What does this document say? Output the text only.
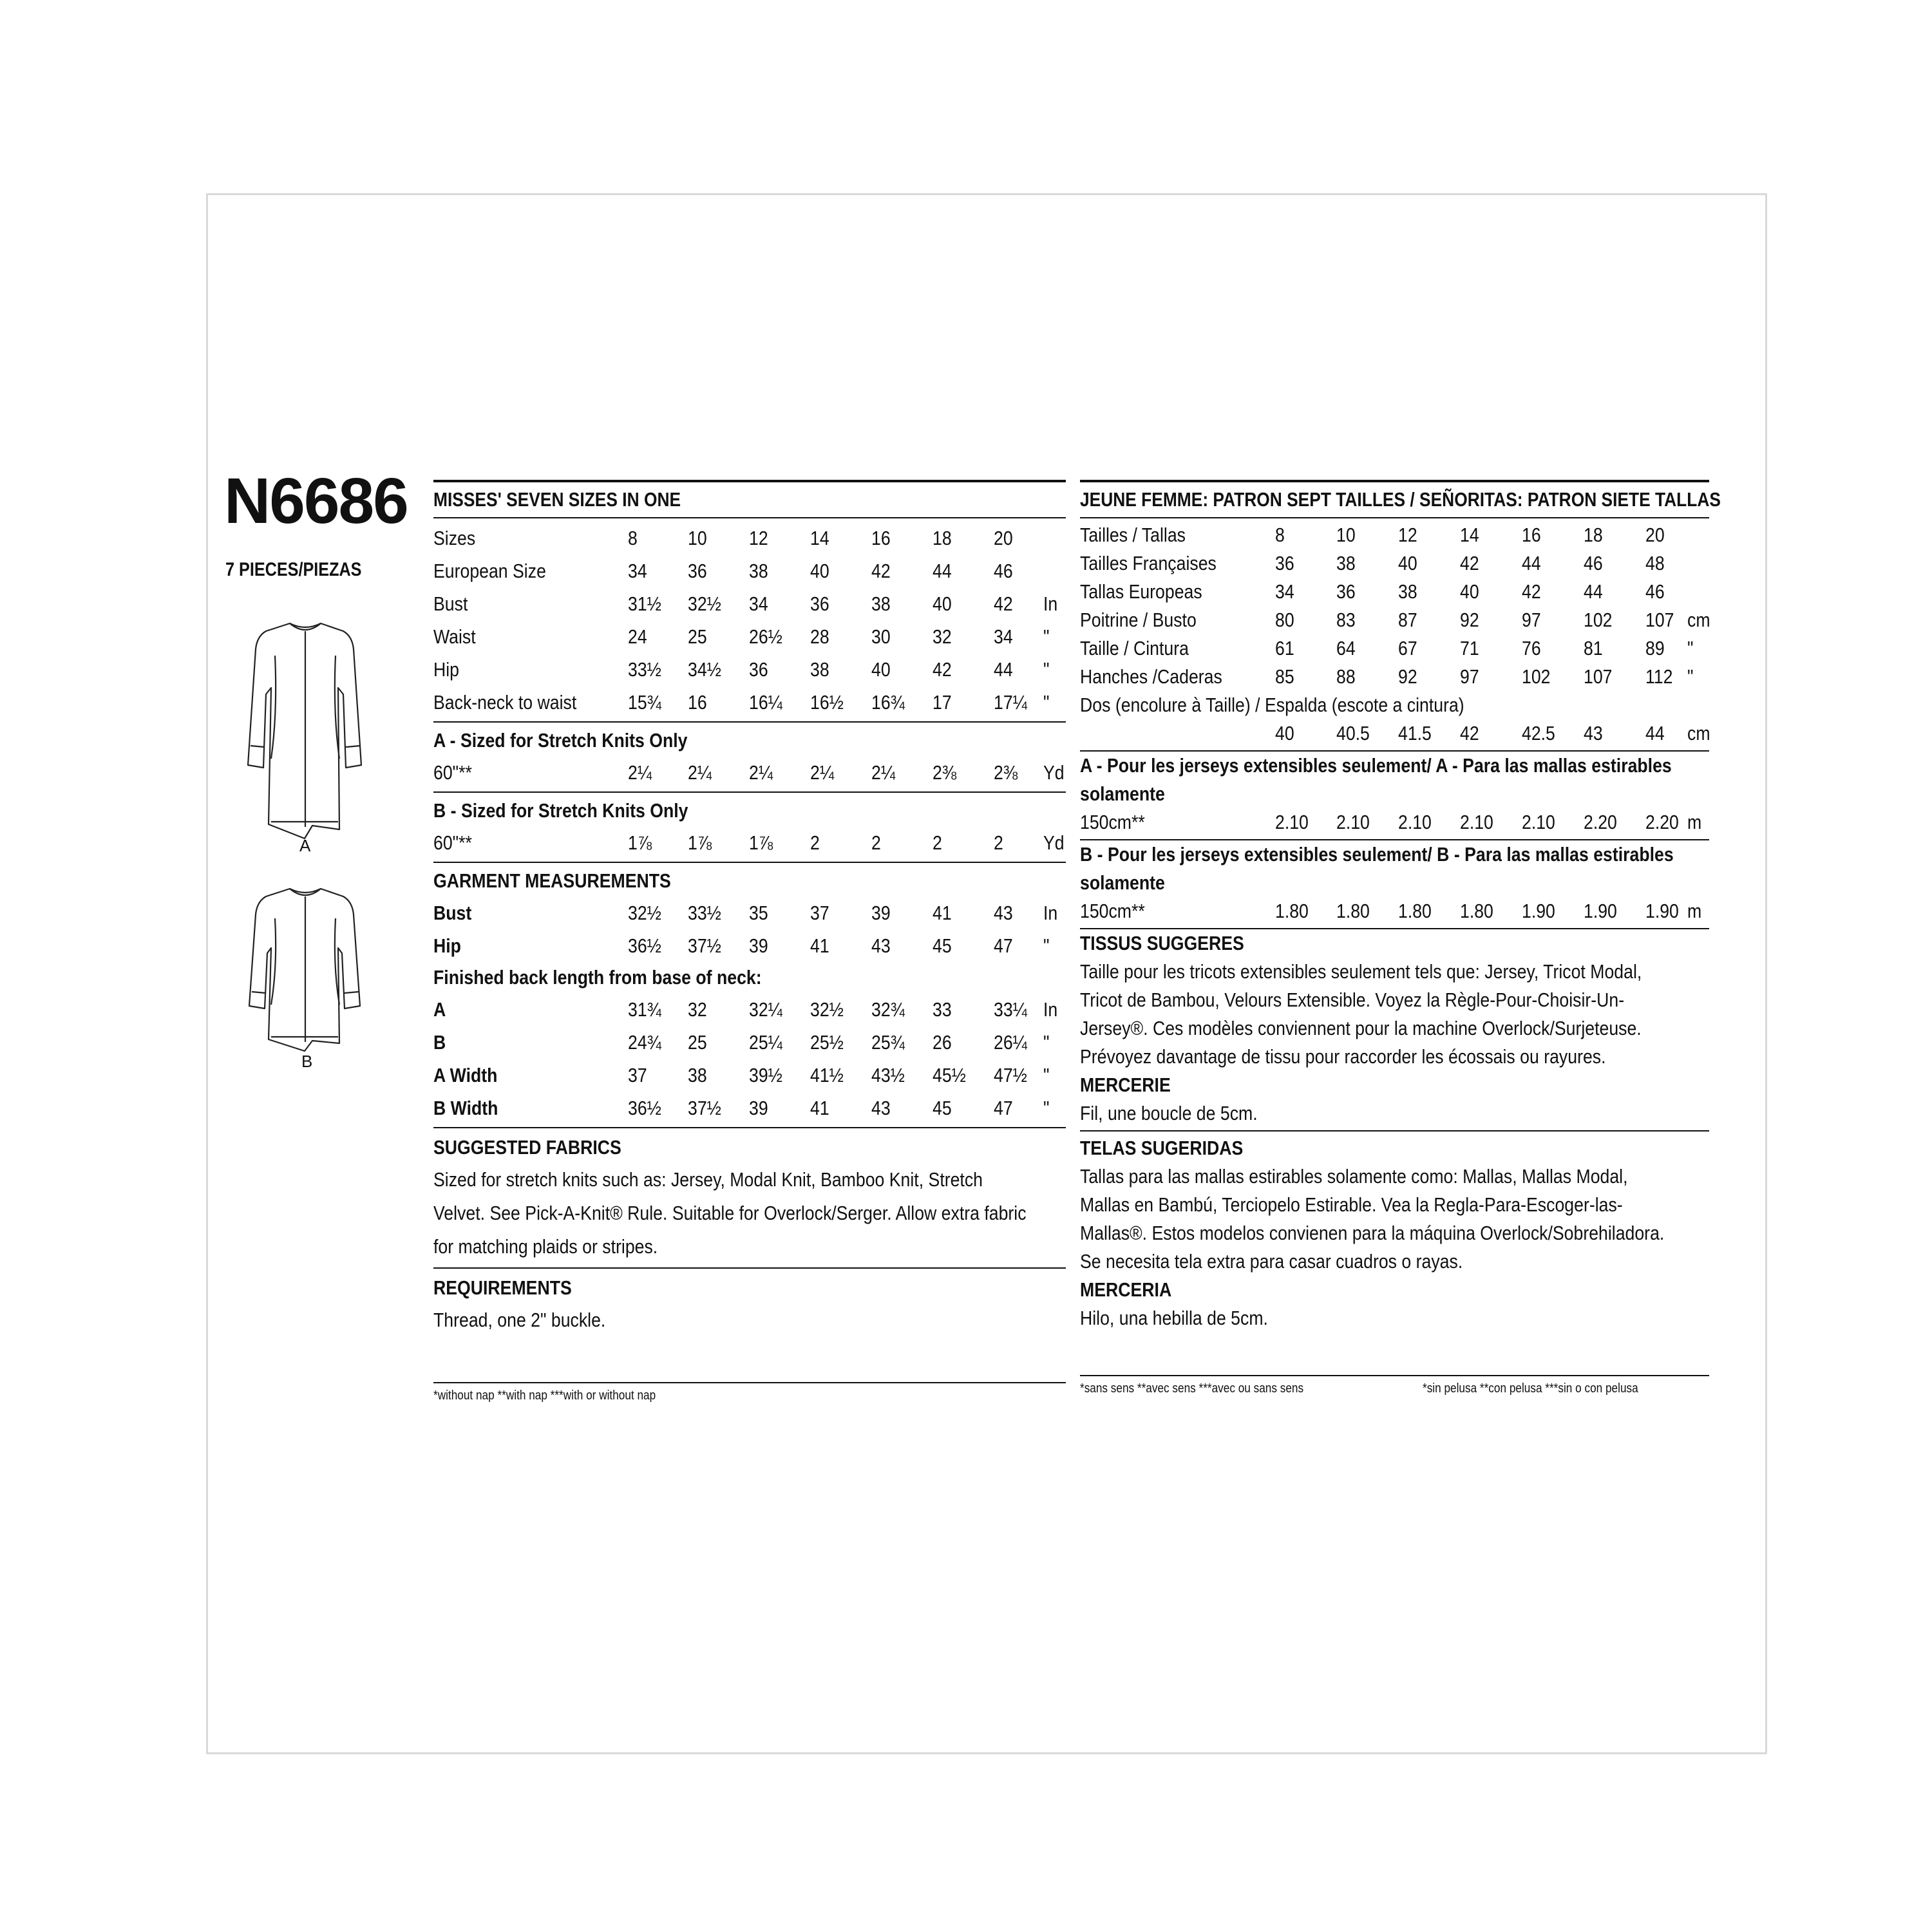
N6686
7 PIECES/PIEZAS
A
B
MISSES' SEVEN SIZES IN ONE
Sizes	8	10 12 14 16 18 20
European Size	34 36 38 40 42 44 46
Bust	31½ 32½ 34 36 38 40 42 In
Waist	24 25 26½ 28 30 32 34 "
Hip	33½ 34½ 36 38 40 42 44 "
Back-neck to waist	15¾ 16 16¼ 16½ 16¾ 17 17¼ "
A - Sized for Stretch Knits Only
60"**	2¼ 2¼ 2¼ 2¼ 2¼ 2⅜ 2⅜ Yd
B - Sized for Stretch Knits Only
60"**	1⅞ 1⅞ 1⅞ 2	2	2	2 Yd
GARMENT MEASUREMENTS
Bust	32½ 33½ 35 37 39 41 43 In
Hip	36½ 37½ 39 41 43 45 47 "
Finished back length from base of neck:
A	31¾ 32 32¼ 32½ 32¾ 33 33¼ In
B	24¾ 25 25¼ 25½ 25¾ 26 26¼ "
A Width	37 38 39½ 41½ 43½ 45½ 47½ "
B Width	36½ 37½ 39 41 43 45 47 "
SUGGESTED FABRICS
Sized for stretch knits such as: Jersey, Modal Knit, Bamboo Knit, Stretch
Velvet. See Pick-A-Knit® Rule. Suitable for Overlock/Serger. Allow extra fabric
for matching plaids or stripes.
REQUIREMENTS
Thread, one 2" buckle.
*without nap **with nap ***with or without nap
JEUNE FEMME: PATRON SEPT TAILLES / SEÑORITAS: PATRON SIETE TALLAS
Tailles / Tallas	8	10 12 14 16 18 20
Tailles Françaises	36 38 40 42 44 46 48
Tallas Europeas	34 36 38 40 42 44 46
Poitrine / Busto	80 83 87 92 97 102 107 cm
Taille / Cintura	61 64 67 71 76 81 89 "
Hanches /Caderas	85 88 92 97 102 107 112 "
Dos (encolure à Taille) / Espalda (escote a cintura)
40 40.5 41.5 42 42.5 43 44 cm
A - Pour les jerseys extensibles seulement/ A - Para las mallas estirables
solamente
150cm**	2.10 2.10 2.10 2.10 2.10 2.20 2.20 m
B - Pour les jerseys extensibles seulement/ B - Para las mallas estirables
solamente
150cm**	1.80 1.80 1.80 1.80 1.90 1.90 1.90 m
TISSUS SUGGERES
Taille pour les tricots extensibles seulement tels que: Jersey, Tricot Modal,
Tricot de Bambou, Velours Extensible. Voyez la Règle-Pour-Choisir-Un-
Jersey®. Ces modèles conviennent pour la machine Overlock/Surjeteuse.
Prévoyez davantage de tissu pour raccorder les écossais ou rayures.
MERCERIE
Fil, une boucle de 5cm.
TELAS SUGERIDAS
Tallas para las mallas estirables solamente como: Mallas, Mallas Modal,
Mallas en Bambú, Terciopelo Estirable. Vea la Regla-Para-Escoger-las-
Mallas®. Estos modelos convienen para la máquina Overlock/Sobrehiladora.
Se necesita tela extra para casar cuadros o rayas.
MERCERIA
Hilo, una hebilla de 5cm.
*sans sens **avec sens ***avec ou sans sens	*sin pelusa **con pelusa ***sin o con pelusa
